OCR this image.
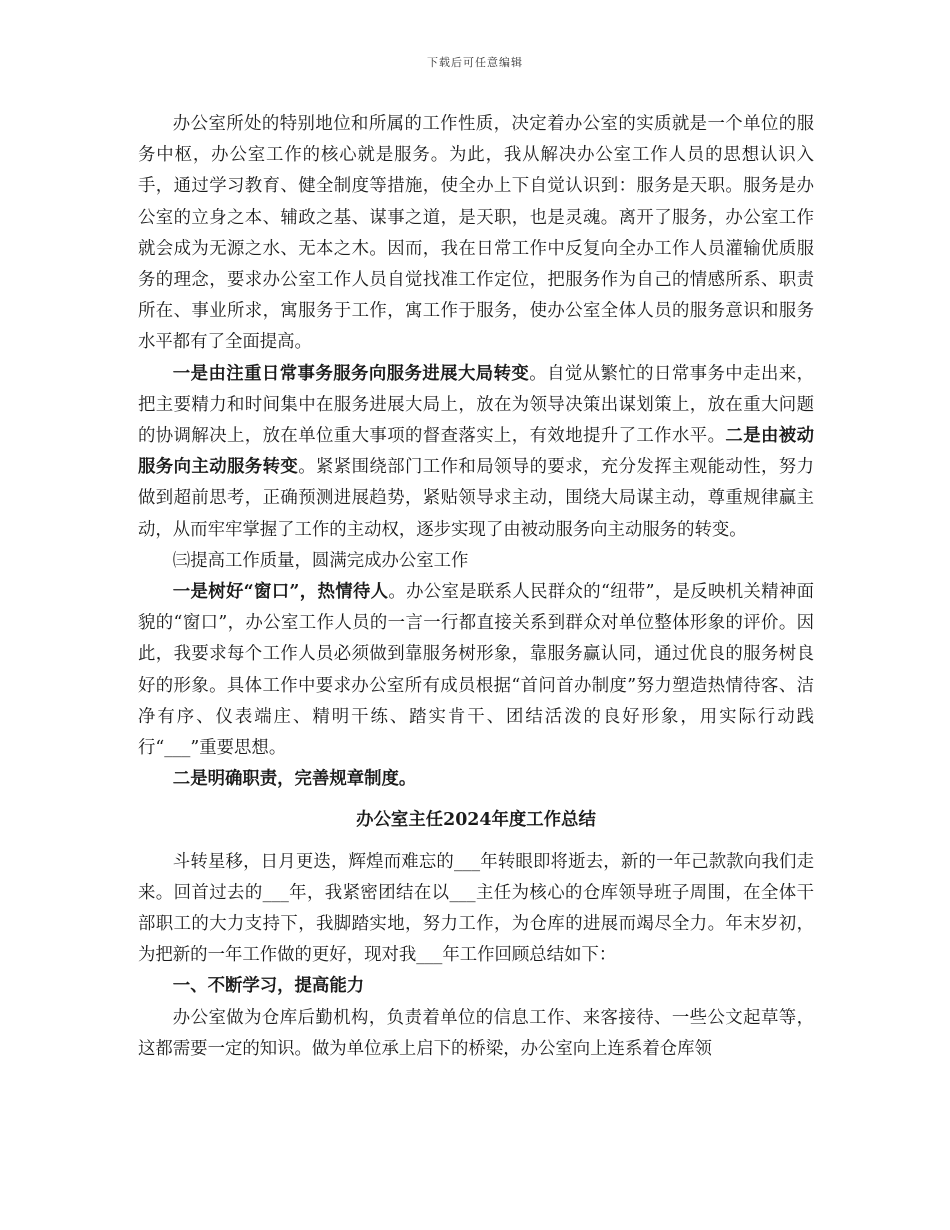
下载后可任意编辑

办公室所处的特别地位和所属的工作性质，决定着办公室的实质就是一个单位的服务中枢，办公室工作的核心就是服务。为此，我从解决办公室工作人员的思想认识入手，通过学习教育、健全制度等措施，使全办上下自觉认识到：服务是天职。服务是办公室的立身之本、辅政之基、谋事之道，是天职，也是灵魂。离开了服务，办公室工作就会成为无源之水、无本之木。因而，我在日常工作中反复向全办工作人员灌输优质服务的理念，要求办公室工作人员自觉找准工作定位，把服务作为自己的情感所系、职责所在、事业所求，寓服务于工作，寓工作于服务，使办公室全体人员的服务意识和服务水平都有了全面提高。

一是由注重日常事务服务向服务进展大局转变。自觉从繁忙的日常事务中走出来，把主要精力和时间集中在服务进展大局上，放在为领导决策出谋划策上，放在重大问题的协调解决上，放在单位重大事项的督查落实上，有效地提升了工作水平。二是由被动服务向主动服务转变。紧紧围绕部门工作和局领导的要求，充分发挥主观能动性，努力做到超前思考，正确预测进展趋势，紧贴领导求主动，围绕大局谋主动，尊重规律赢主动，从而牢牢掌握了工作的主动权，逐步实现了由被动服务向主动服务的转变。

㈢提高工作质量，圆满完成办公室工作

一是树好“窗口”，热情待人。办公室是联系人民群众的“纽带”，是反映机关精神面貌的“窗口”，办公室工作人员的一言一行都直接关系到群众对单位整体形象的评价。因此，我要求每个工作人员必须做到靠服务树形象，靠服务赢认同，通过优良的服务树良好的形象。具体工作中要求办公室所有成员根据“首问首办制度”努力塑造热情待客、洁净有序、仪表端庄、精明干练、踏实肯干、团结活泼的良好形象，用实际行动践行“___”重要思想。

二是明确职责，完善规章制度。

办公室主任2024年度工作总结

斗转星移，日月更迭，辉煌而难忘的___年转眼即将逝去，新的一年己款款向我们走来。回首过去的___年，我紧密团结在以___主任为核心的仓库领导班子周围，在全体干部职工的大力支持下，我脚踏实地，努力工作，为仓库的进展而竭尽全力。年末岁初，为把新的一年工作做的更好，现对我___年工作回顾总结如下：

一、不断学习，提高能力

办公室做为仓库后勤机构，负责着单位的信息工作、来客接待、一些公文起草等，这都需要一定的知识。做为单位承上启下的桥梁，办公室向上连系着仓库领
